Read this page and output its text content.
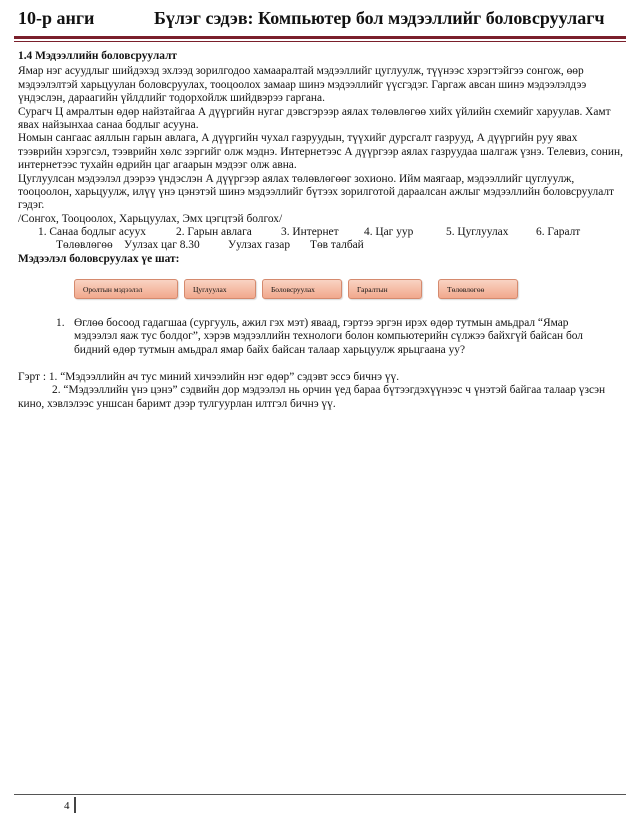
10-р анги	Бүлэг сэдэв: Компьютер бол мэдээллийг боловсруулагч

1.4 Мэдээллийн боловсруулалт

Ямар нэг асуудлыг шийдэхэд эхлээд зорилгодоо хамааралтай мэдээллийг цуглуулж, түүнээс хэрэгтэйгээ сонгож, өөр мэдээлэлтэй харьцуулан боловсруулах, тооцоолох замаар шинэ мэдээллийг үүсгэдэг. Гаргаж авсан шинэ мэдээлэлдээ үндэслэн, дараагийн үйлдлийг тодорхойлж шийдвэрээ гаргана.

Сурагч Ц амралтын өдөр найзтайгаа А дүүргийн нугаг дэвсгэрээр аялах төлөвлөгөө хийх үйлийн схемийг харуулав. Хамт явах найзынхаа санаа бодлыг асууна.

Номын сангаас аяллын гарын авлага, А дүүргийн чухал газруудын, түүхийг дурсгалт газрууд, А дүүргийн руу явах тээврийн хэрэгсэл, тээврийн хөлс зэргийг олж мэднэ. Интернетээс А дүүргээр аялах газруудаа шалгаж үзнэ. Телевиз, сонин, интернетээс тухайн өдрийн цаг агаарын мэдээг олж авна.

Цуглуулсан мэдээлэл дээрээ үндэслэн А дүүргээр аялах төлөвлөгөөг зохионо. Ийм маягаар, мэдээллийг цуглуулж, тооцоолон, харьцуулж, илүү үнэ цэнэтэй шинэ мэдээллийг бүтээх зорилготой дараалсан ажлыг мэдээллийн боловсруулалт гэдэг.

/Сонгох, Тооцоолох, Харьцуулах, Эмх цэгцтэй болгох/

1. Санаа бодлыг асуух	2. Гарын авлага	3. Интернет 4. Цаг уур	5. Цуглуулах 6. Гаралт
Төлөвлөгөө Уулзах цаг 8.30 Уулзах газар Төв талбай

Мэдээлэл боловсруулах үе шат:

Оролтын мэдээлэл	Цуглуулах	Боловсруулах	Гаралтын	Төлөвлөгөө
1. Өглөө босоод гадагшаа (сургууль, ажил гэх мэт) яваад, гэртээ эргэн ирэх өдөр тутмын амьдрал “Ямар мэдээлэл яаж тус болдог”, хэрэв мэдээллийн технологи болон компьютерийн сүлжээ байхгүй байсан бол бидний өдөр тутмын амьдрал ямар байх байсан талаар харьцуулж ярьцгаана уу?

Гэрт : 1. “Мэдээллийн ач тус миний хичээлийн нэг өдөр” сэдэвт эссэ бичнэ үү.

2. “Мэдээллийн үнэ цэнэ” сэдвийн дор мэдээлэл нь орчин үед бараа бүтээгдэхүүнээс ч үнэтэй байгаа талаар үзсэн кино, хэвлэлээс уншсан баримт дээр тулгуурлан илтгэл бичнэ үү.

4
